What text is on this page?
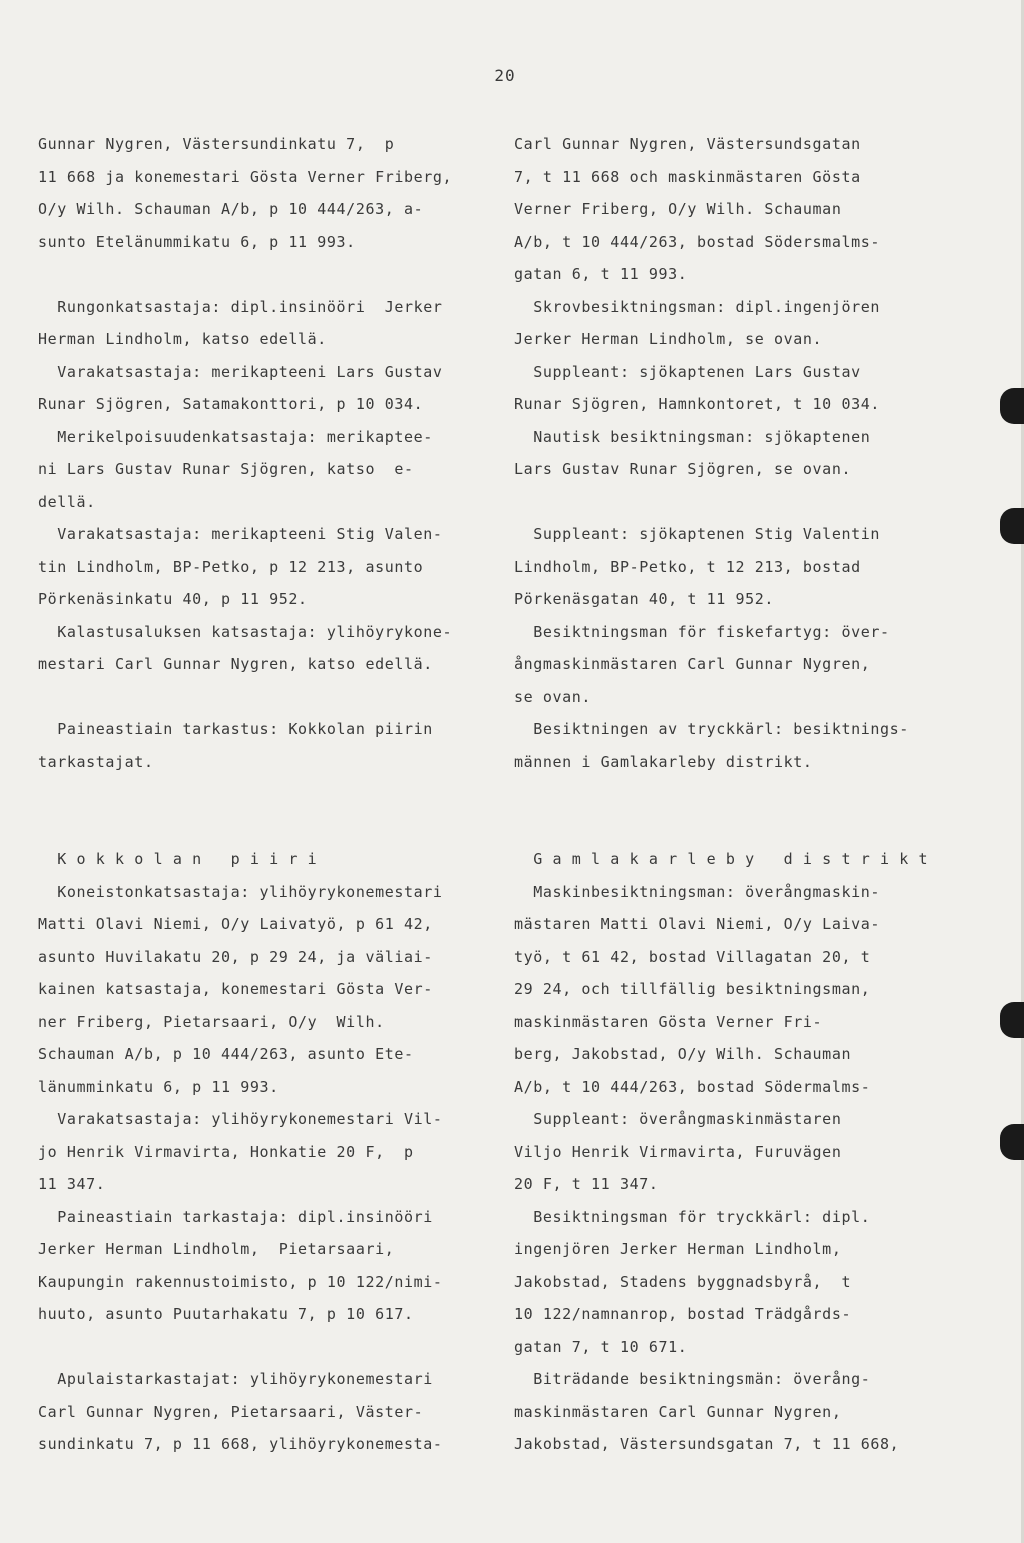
20
Gunnar Nygren, Västersundinkatu 7,  p
11 668 ja konemestari Gösta Verner Friberg,
O/y Wilh. Schauman A/b, p 10 444/263, a-
sunto Etelänummikatu 6, p 11 993.
Rungonkatsastaja: dipl.insinööri  Jerker
Herman Lindholm, katso edellä.
Varakatsastaja: merikapteeni Lars Gustav
Runar Sjögren, Satamakonttori, p 10 034.
Merikelpoisuudenkatsastaja: merikaptee-
ni Lars Gustav Runar Sjögren, katso  e-
dellä.
Varakatsastaja: merikapteeni Stig Valen-
tin Lindholm, BP-Petko, p 12 213, asunto
Pörkenäsinkatu 40, p 11 952.
Kalastusaluksen katsastaja: ylihöyrykone-
mestari Carl Gunnar Nygren, katso edellä.
Paineastiain tarkastus: Kokkolan piirin
tarkastajat.
K o k k o l a n   p i i r i
Koneistonkatsastaja: ylihöyrykonemestari
Matti Olavi Niemi, O/y Laivatyö, p 61 42,
asunto Huvilakatu 20, p 29 24, ja väliai-
kainen katsastaja, konemestari Gösta Ver-
ner Friberg, Pietarsaari, O/y  Wilh.
Schauman A/b, p 10 444/263, asunto Ete-
länumminkatu 6, p 11 993.
Varakatsastaja: ylihöyrykonemestari Vil-
jo Henrik Virmavirta, Honkatie 20 F,  p
11 347.
Paineastiain tarkastaja: dipl.insinööri
Jerker Herman Lindholm,  Pietarsaari,
Kaupungin rakennustoimisto, p 10 122/nimi-
huuto, asunto Puutarhakatu 7, p 10 617.
Apulaistarkastajat: ylihöyrykonemestari
Carl Gunnar Nygren, Pietarsaari, Väster-
sundinkatu 7, p 11 668, ylihöyrykonemesta-
Carl Gunnar Nygren, Västersundsgatan
7, t 11 668 och maskinmästaren Gösta
Verner Friberg, O/y Wilh. Schauman
A/b, t 10 444/263, bostad Södersmalms-
gatan 6, t 11 993.
Skrovbesiktningsman: dipl.ingenjören
Jerker Herman Lindholm, se ovan.
Suppleant: sjökaptenen Lars Gustav
Runar Sjögren, Hamnkontoret, t 10 034.
Nautisk besiktningsman: sjökaptenen
Lars Gustav Runar Sjögren, se ovan.
Suppleant: sjökaptenen Stig Valentin
Lindholm, BP-Petko, t 12 213, bostad
Pörkenäsgatan 40, t 11 952.
Besiktningsman för fiskefartyg: över-
ångmaskinmästaren Carl Gunnar Nygren,
se ovan.
Besiktningen av tryckkärl: besiktnings-
männen i Gamlakarleby distrikt.
G a m l a k a r l e b y   d i s t r i k t
Maskinbesiktningsman: överångmaskin-
mästaren Matti Olavi Niemi, O/y Laiva-
työ, t 61 42, bostad Villagatan 20, t
29 24, och tillfällig besiktningsman,
maskinmästaren Gösta Verner Fri-
berg, Jakobstad, O/y Wilh. Schauman
A/b, t 10 444/263, bostad Södermalms-
Suppleant: överångmaskinmästaren
Viljo Henrik Virmavirta, Furuvägen
20 F, t 11 347.
Besiktningsman för tryckkärl: dipl.
ingenjören Jerker Herman Lindholm,
Jakobstad, Stadens byggnadsbyrå,  t
10 122/namnanrop, bostad Trädgårds-
gatan 7, t 10 671.
Biträdande besiktningsmän: överång-
maskinmästaren Carl Gunnar Nygren,
Jakobstad, Västersundsgatan 7, t 11 668,
